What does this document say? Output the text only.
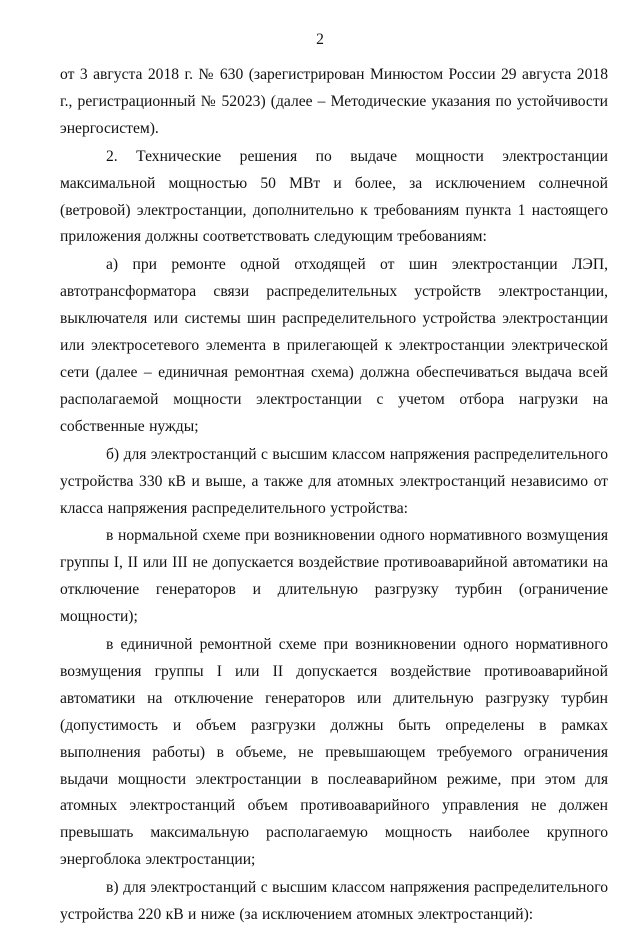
2

от 3 августа 2018 г. № 630 (зарегистрирован Минюстом России 29 августа 2018 г., регистрационный № 52023) (далее – Методические указания по устойчивости энергосистем).

2. Технические решения по выдаче мощности электростанции максимальной мощностью 50 МВт и более, за исключением солнечной (ветровой) электростанции, дополнительно к требованиям пункта 1 настоящего приложения должны соответствовать следующим требованиям:

а) при ремонте одной отходящей от шин электростанции ЛЭП, автотрансформатора связи распределительных устройств электростанции, выключателя или системы шин распределительного устройства электростанции или электросетевого элемента в прилегающей к электростанции электрической сети (далее – единичная ремонтная схема) должна обеспечиваться выдача всей располагаемой мощности электростанции с учетом отбора нагрузки на собственные нужды;

б) для электростанций с высшим классом напряжения распределительного устройства 330 кВ и выше, а также для атомных электростанций независимо от класса напряжения распределительного устройства:

в нормальной схеме при возникновении одного нормативного возмущения группы I, II или III не допускается воздействие противоаварийной автоматики на отключение генераторов и длительную разгрузку турбин (ограничение мощности);

в единичной ремонтной схеме при возникновении одного нормативного возмущения группы I или II допускается воздействие противоаварийной автоматики на отключение генераторов или длительную разгрузку турбин (допустимость и объем разгрузки должны быть определены в рамках выполнения работы) в объеме, не превышающем требуемого ограничения выдачи мощности электростанции в послеаварийном режиме, при этом для атомных электростанций объем противоаварийного управления не должен превышать максимальную располагаемую мощность наиболее крупного энергоблока электростанции;

в) для электростанций с высшим классом напряжения распределительного устройства 220 кВ и ниже (за исключением атомных электростанций):
